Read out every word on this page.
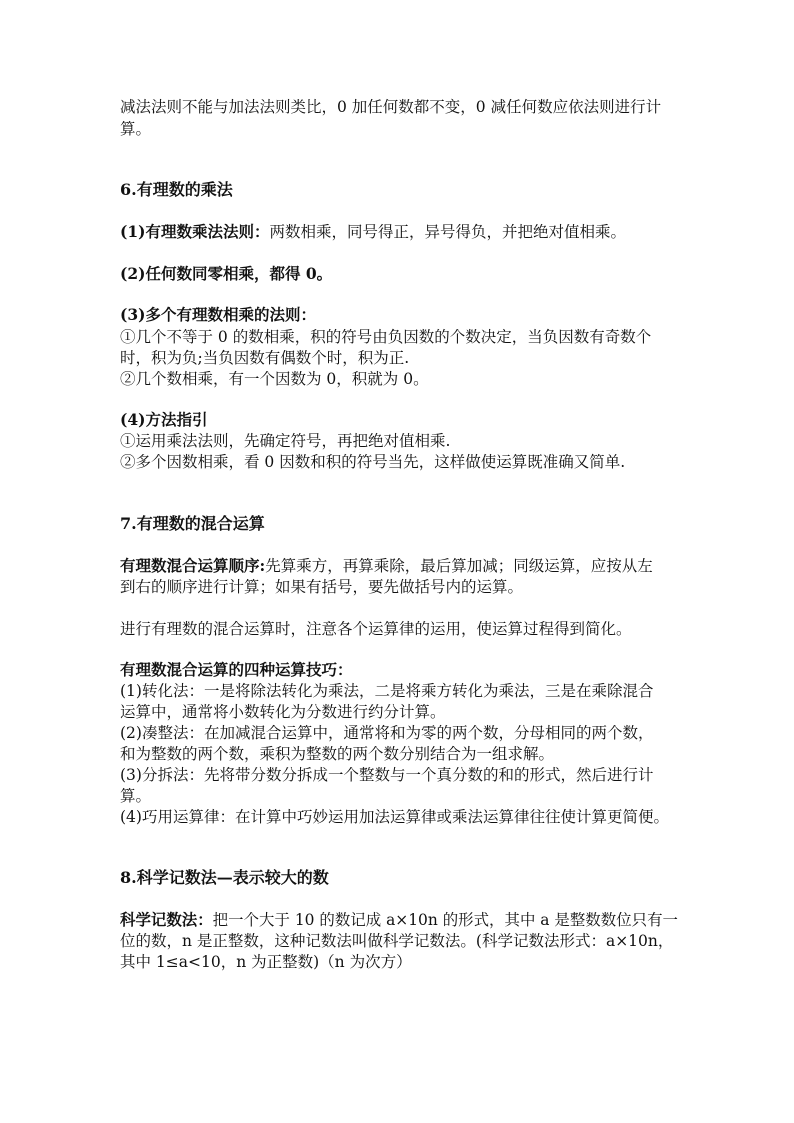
减法法则不能与加法法则类比，0 加任何数都不变，0 减任何数应依法则进行计
算。
6.有理数的乘法
(1)有理数乘法法则：两数相乘，同号得正，异号得负，并把绝对值相乘。
(2)任何数同零相乘，都得 0。
(3)多个有理数相乘的法则：
①几个不等于 0 的数相乘，积的符号由负因数的个数决定，当负因数有奇数个
时，积为负;当负因数有偶数个时，积为正.
②几个数相乘，有一个因数为 0，积就为 0。
(4)方法指引
①运用乘法法则，先确定符号，再把绝对值相乘.
②多个因数相乘，看 0 因数和积的符号当先，这样做使运算既准确又简单.
7.有理数的混合运算
有理数混合运算顺序:先算乘方，再算乘除，最后算加减；同级运算，应按从左
到右的顺序进行计算；如果有括号，要先做括号内的运算。
进行有理数的混合运算时，注意各个运算律的运用，使运算过程得到简化。
有理数混合运算的四种运算技巧：
(1)转化法：一是将除法转化为乘法，二是将乘方转化为乘法，三是在乘除混合
运算中，通常将小数转化为分数进行约分计算。
(2)凑整法：在加减混合运算中，通常将和为零的两个数，分母相同的两个数，
和为整数的两个数，乘积为整数的两个数分别结合为一组求解。
(3)分拆法：先将带分数分拆成一个整数与一个真分数的和的形式，然后进行计
算。
(4)巧用运算律：在计算中巧妙运用加法运算律或乘法运算律往往使计算更简便。
8.科学记数法—表示较大的数
科学记数法：把一个大于 10 的数记成 a×10n 的形式，其中 a 是整数数位只有一
位的数，n 是正整数，这种记数法叫做科学记数法。(科学记数法形式：a×10n，
其中 1≤a<10，n 为正整数)（n 为次方）
